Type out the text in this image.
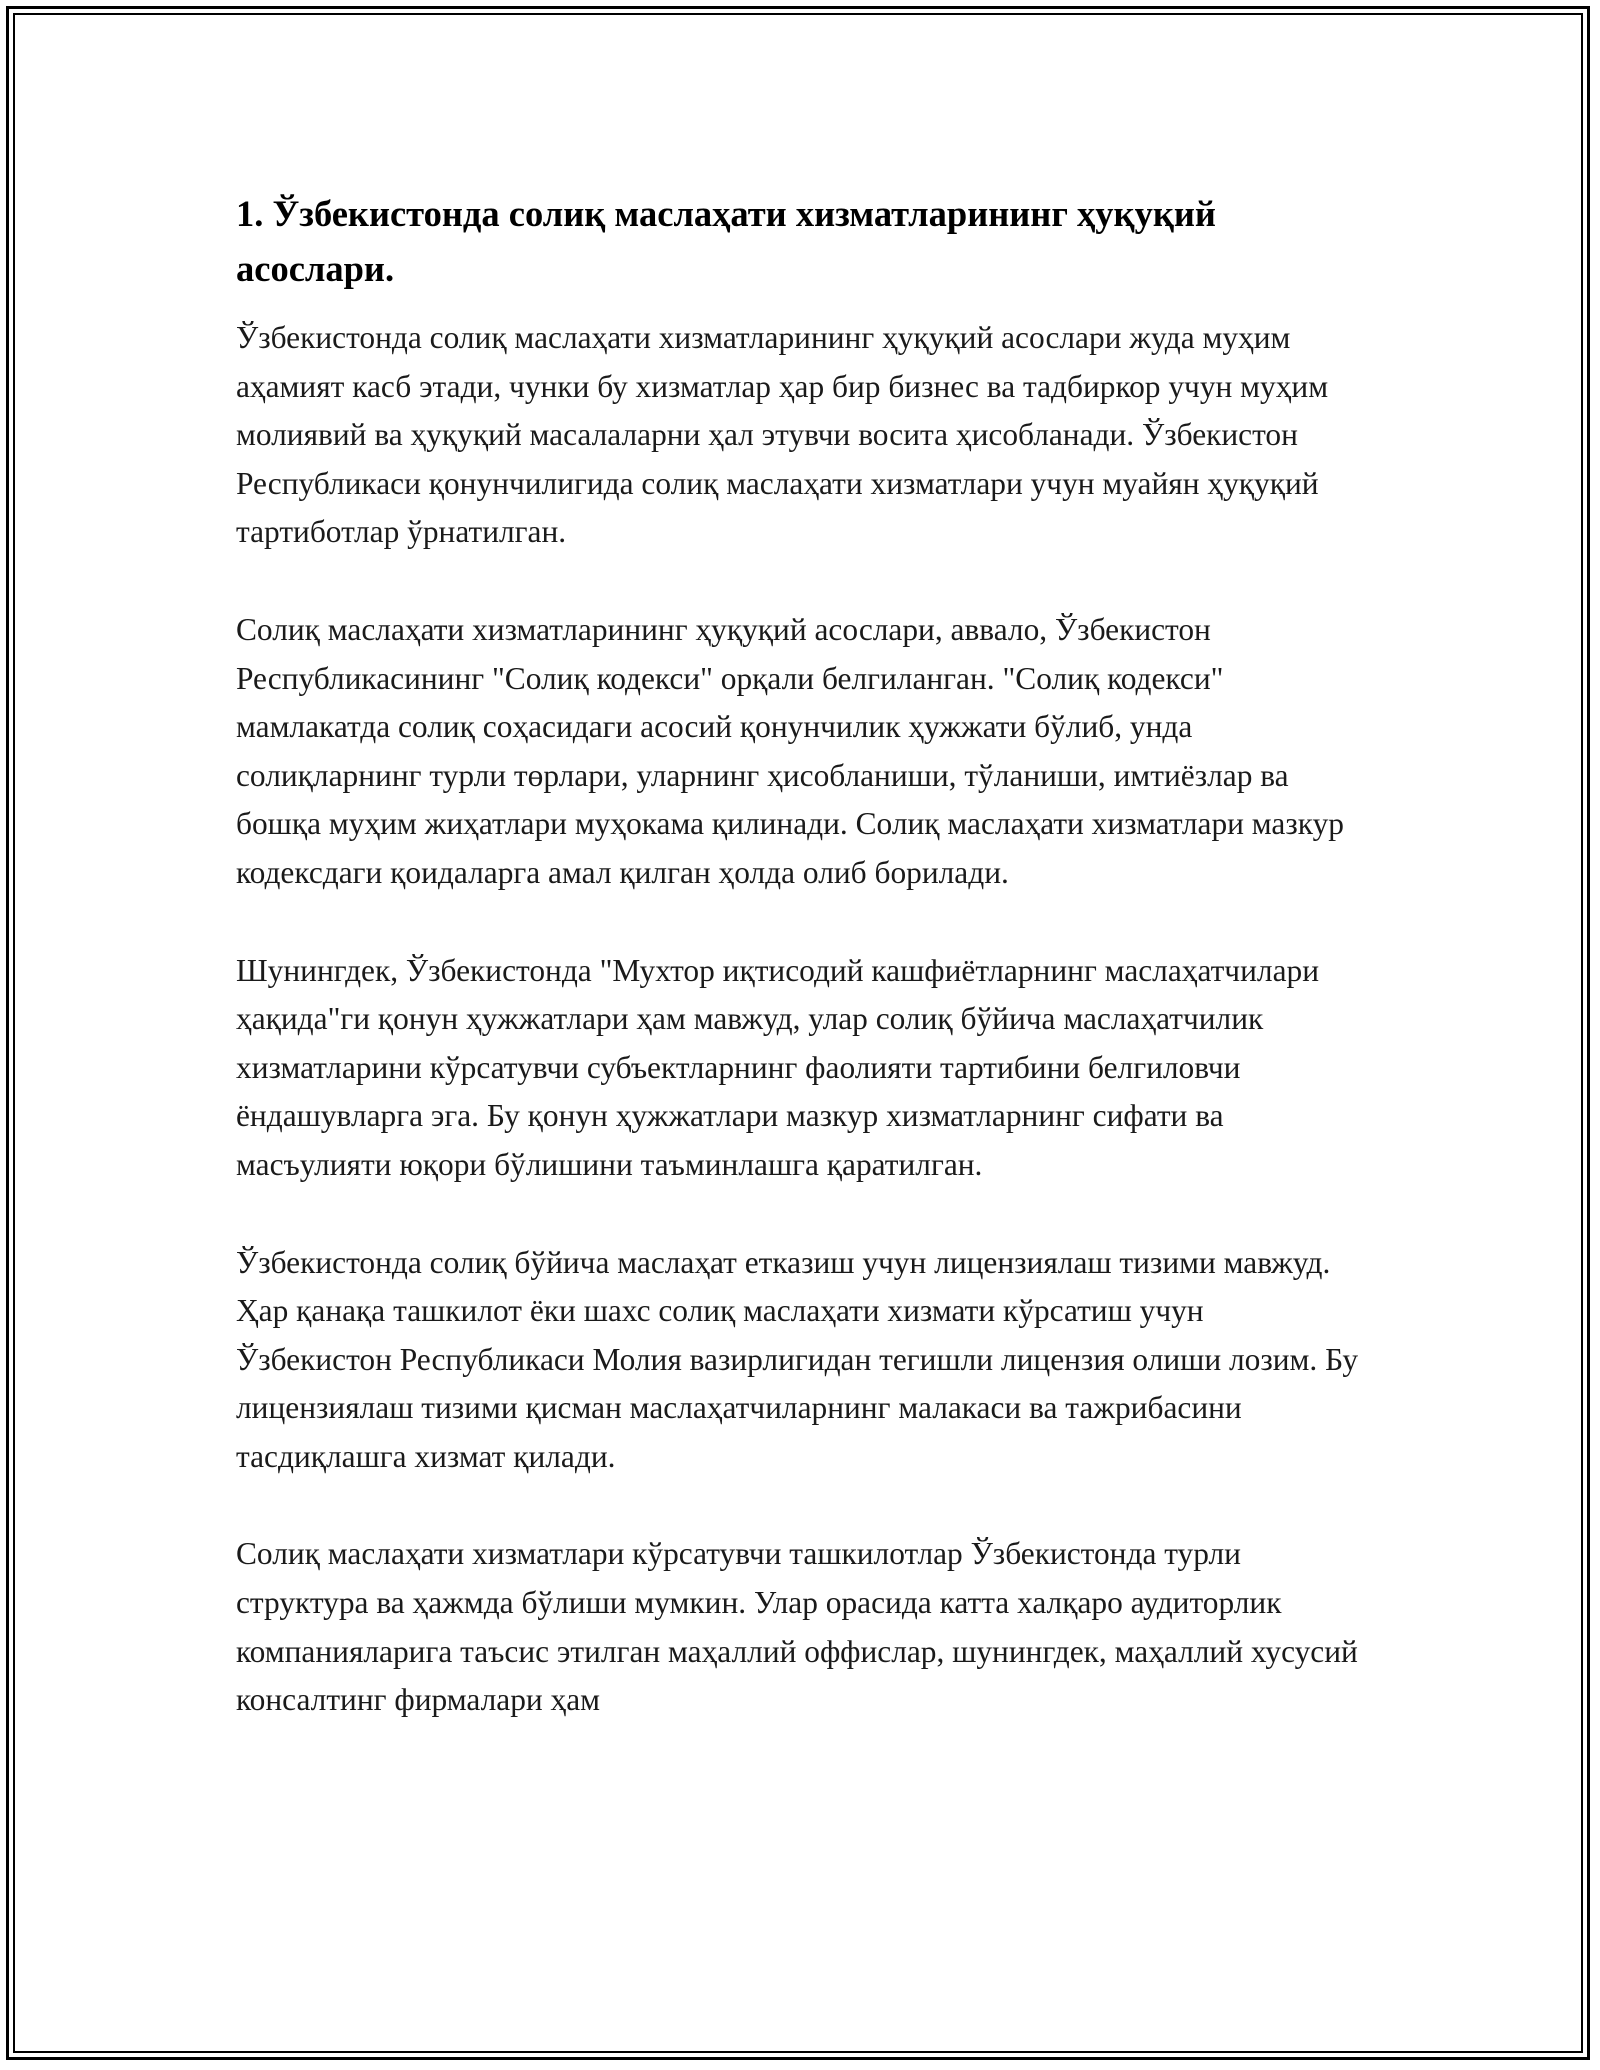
1. Ўзбекистонда солиқ маслаҳати хизматларининг ҳуқуқий асослари.

Ўзбекистонда солиқ маслаҳати хизматларининг ҳуқуқий асослари жуда муҳим аҳамият касб этади, чунки бу хизматлар ҳар бир бизнес ва тадбиркор учун муҳим молиявий ва ҳуқуқий масалаларни ҳал этувчи восита ҳисобланади. Ўзбекистон Республикаси қонунчилигида солиқ маслаҳати хизматлари учун муайян ҳуқуқий тартиботлар ўрнатилган.

Солиқ маслаҳати хизматларининг ҳуқуқий асослари, аввало, Ўзбекистон Республикасининг "Солиқ кодекси" орқали белгиланган. "Солиқ кодекси" мамлакатда солиқ соҳасидаги асосий қонунчилик ҳужжати бўлиб, унда солиқларнинг турли төрлари, уларнинг ҳисобланиши, тўланиши, имтиёзлар ва бошқа муҳим жиҳатлари муҳокама қилинади. Солиқ маслаҳати хизматлари мазкур кодексдаги қоидаларга амал қилган ҳолда олиб борилади.

Шунингдек, Ўзбекистонда "Мухтор иқтисодий кашфиётларнинг маслаҳатчилари ҳақида"ги қонун ҳужжатлари ҳам мавжуд, улар солиқ бўйича маслаҳатчилик хизматларини кўрсатувчи субъектларнинг фаолияти тартибини белгиловчи ёндашувларга эга. Бу қонун ҳужжатлари мазкур хизматларнинг сифати ва масъулияти юқори бўлишини таъминлашга қаратилган.

Ўзбекистонда солиқ бўйича маслаҳат етказиш учун лицензиялаш тизими мавжуд. Ҳар қанақа ташкилот ёки шахс солиқ маслаҳати хизмати кўрсатиш учун Ўзбекистон Республикаси Молия вазирлигидан тегишли лицензия олиши лозим. Бу лицензиялаш тизими қисман маслаҳатчиларнинг малакаси ва тажрибасини тасдиқлашга хизмат қилади.

Солиқ маслаҳати хизматлари кўрсатувчи ташкилотлар Ўзбекистонда турли структура ва ҳажмда бўлиши мумкин. Улар орасида катта халқаро аудиторлик компанияларига таъсис этилган маҳаллий оффислар, шунингдек, маҳаллий хусусий консалтинг фирмалари ҳам
